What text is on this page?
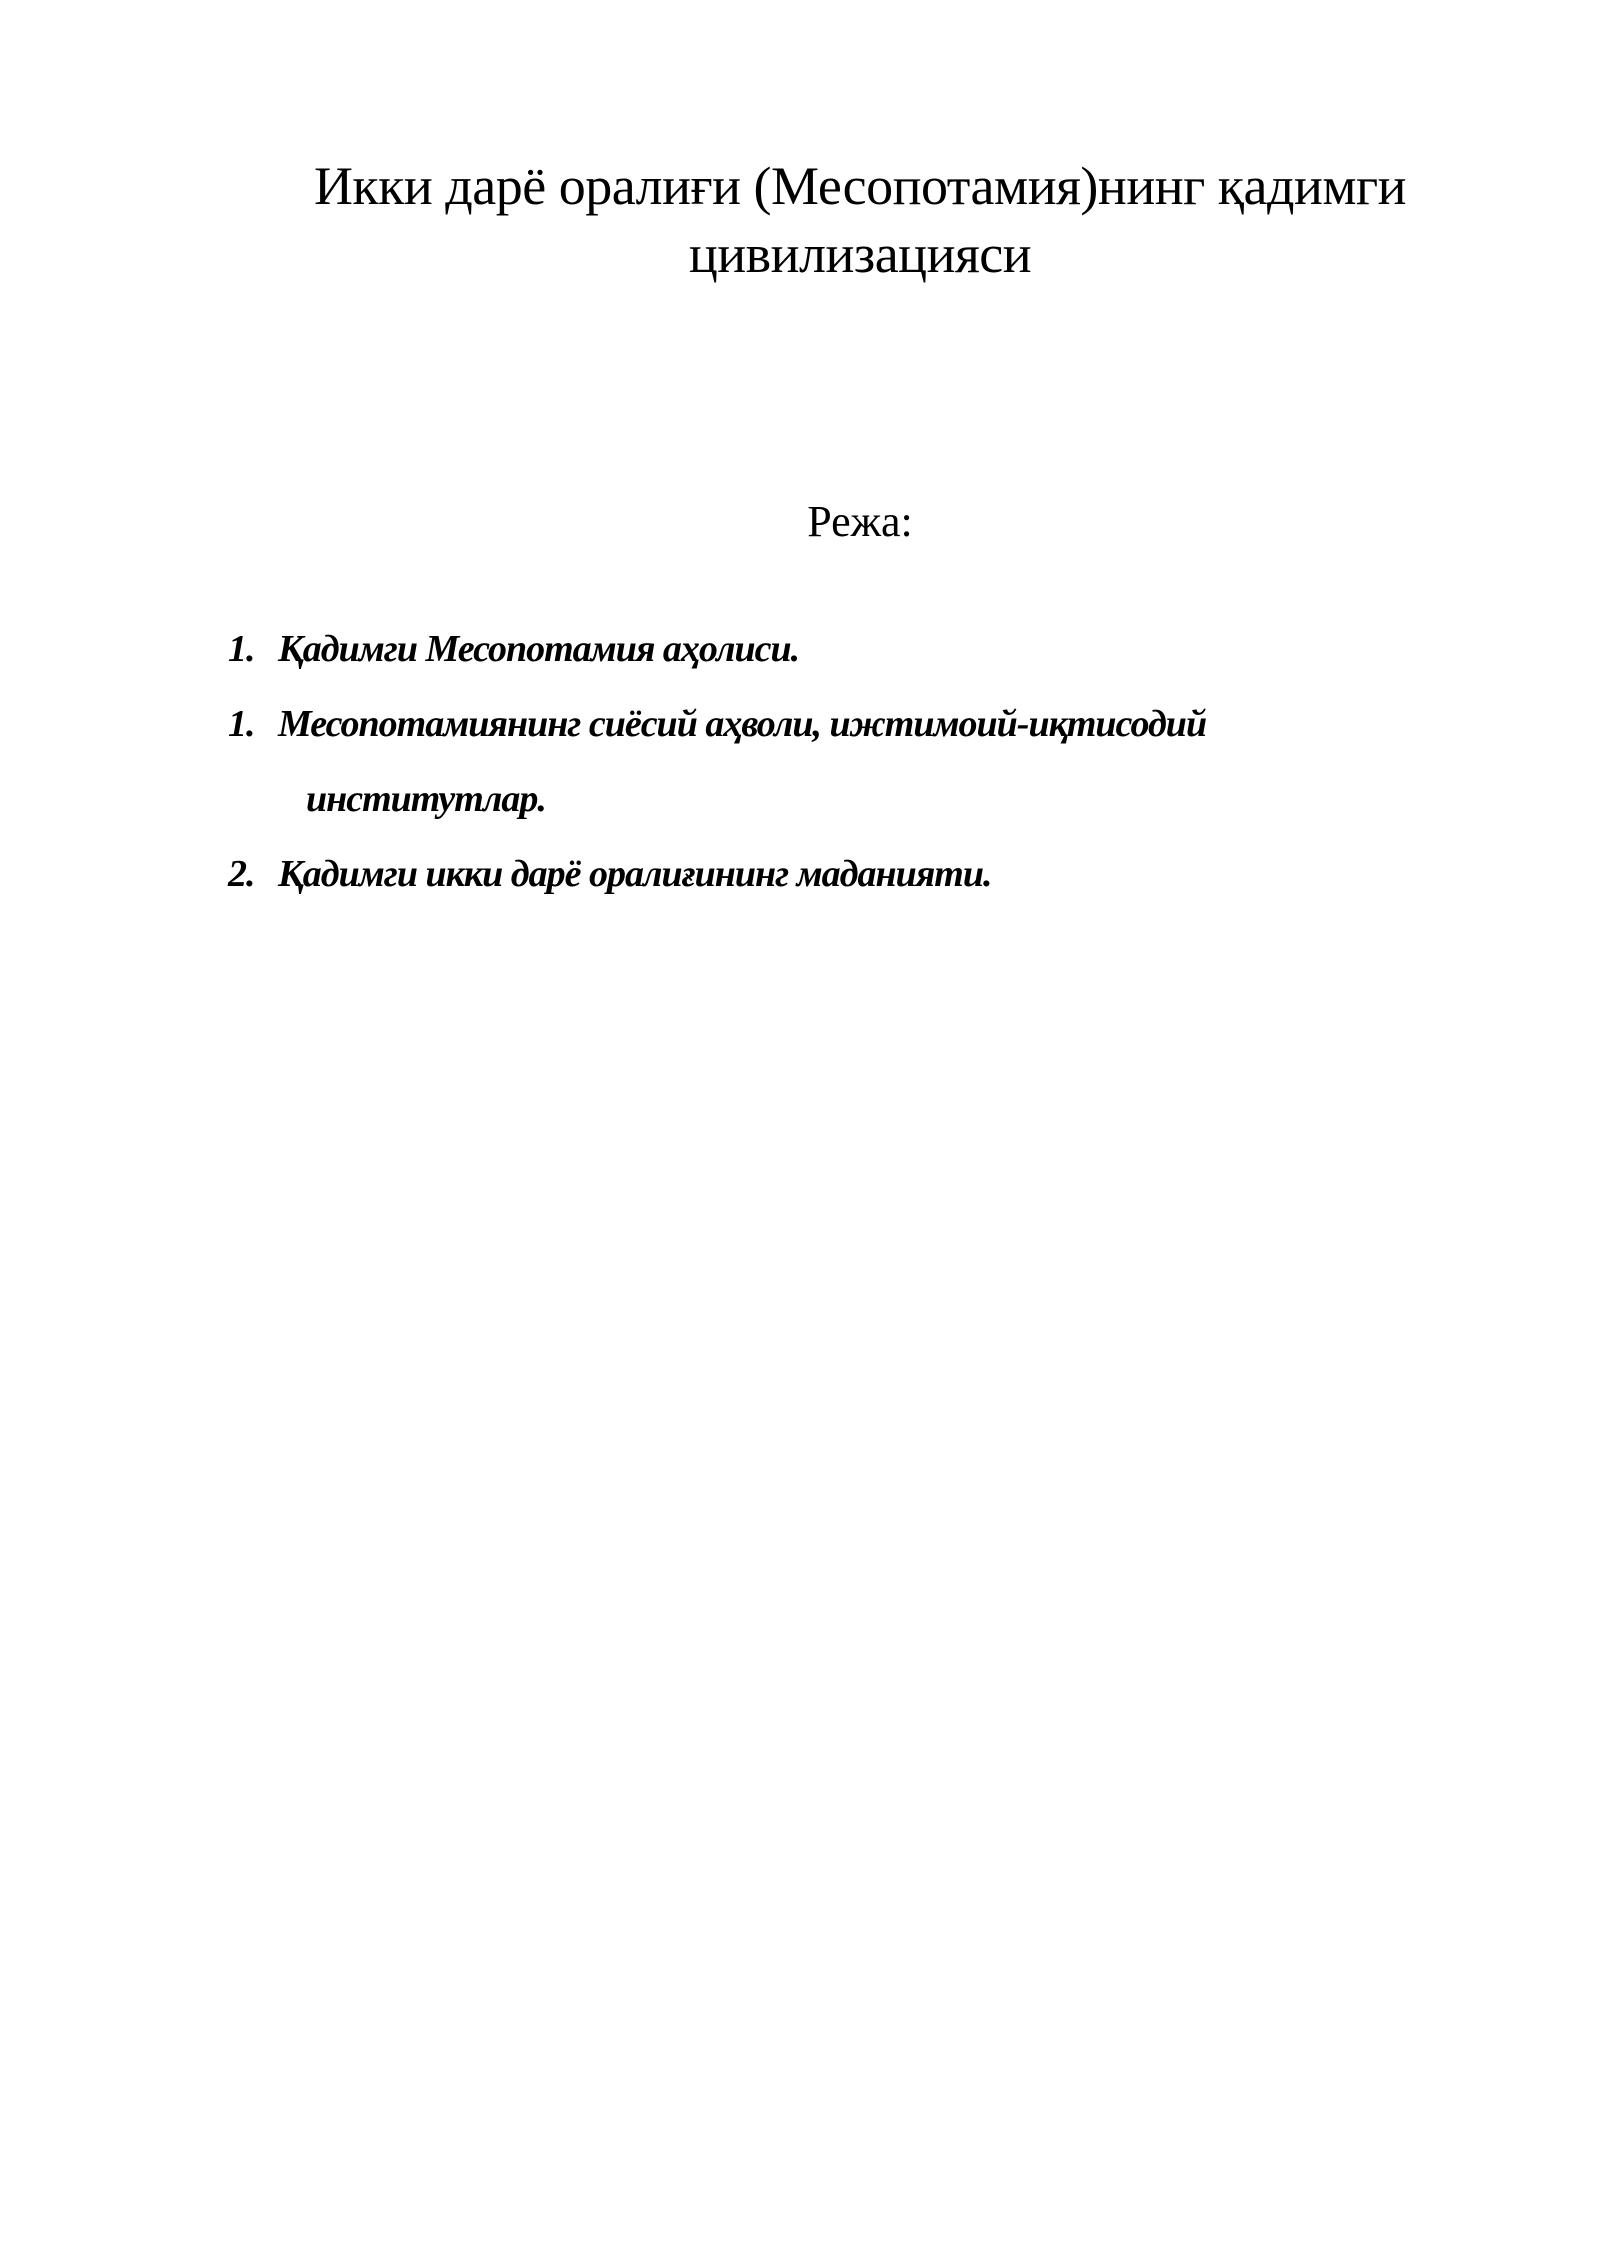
Икки дарё оралиғи (Месопотамия)нинг қадимги цивилизацияси

Режа:

1. Қадимги Месопотамия аҳолиси.
1. Месопотамиянинг сиёсий аҳволи, ижтимоий-иқтисодий
институтлар.
2. Қадимги икки дарё оралиғининг маданияти.
